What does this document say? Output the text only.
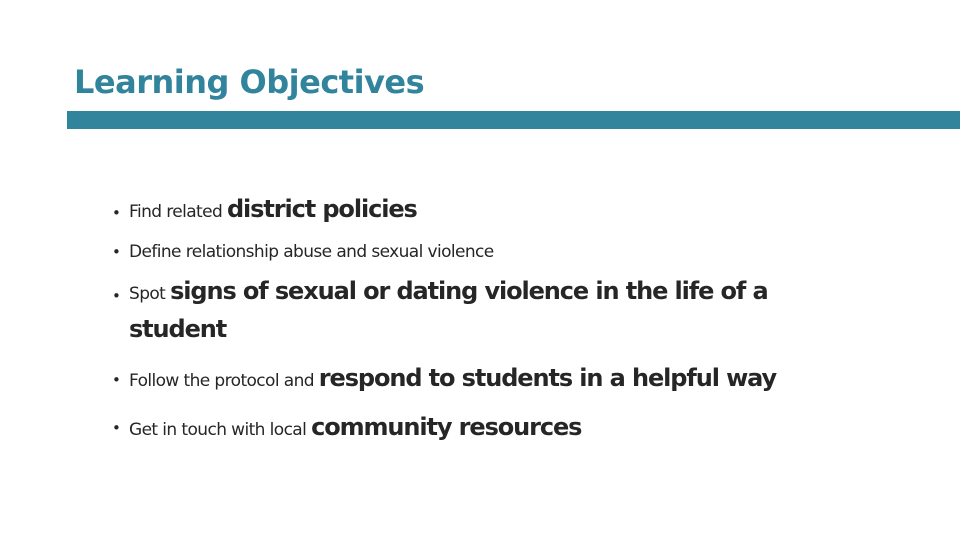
Learning Objectives
• Find related district policies
• Define relationship abuse and sexual violence
• Spot signs of sexual or dating violence in the life of a
student
• Follow the protocol and respond to students in a helpful way
• Get in touch with local community resources
